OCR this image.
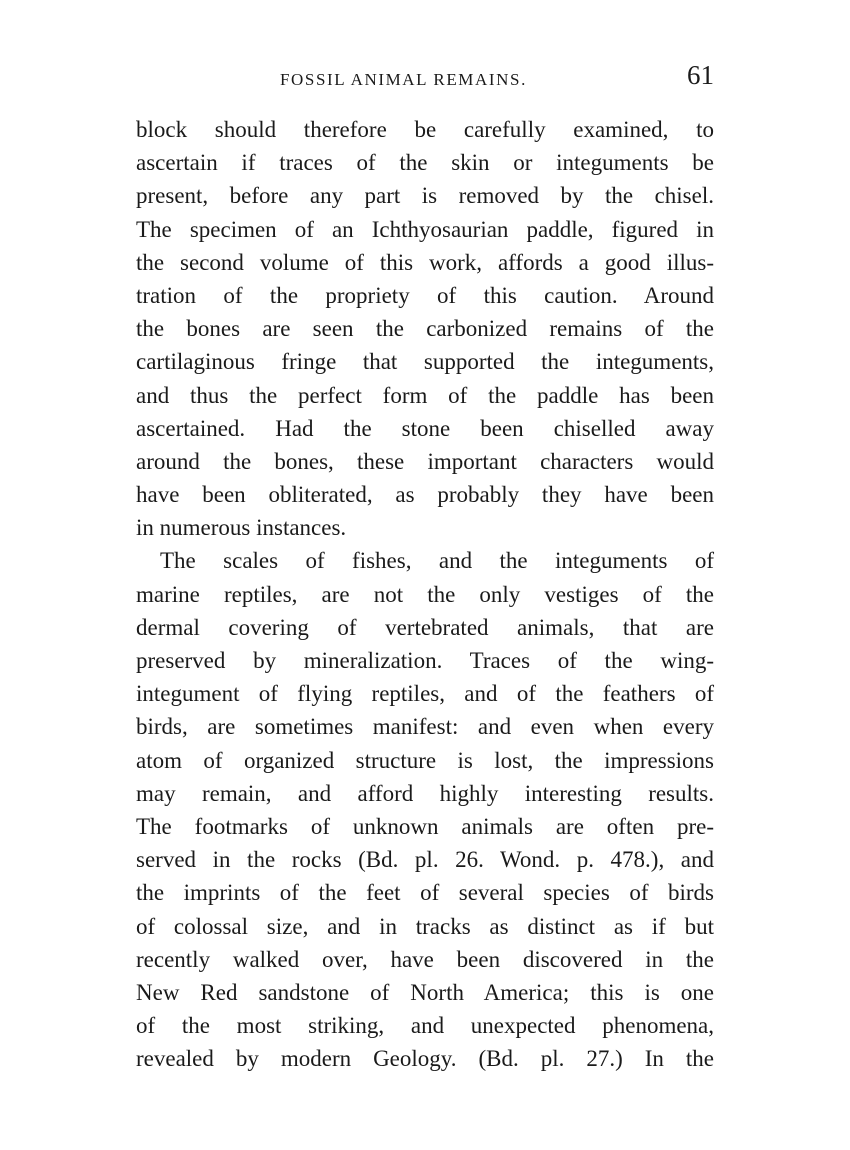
FOSSIL ANIMAL REMAINS.	61
block should therefore be carefully examined, to
ascertain if traces of the skin or integuments be
present, before any part is removed by the chisel.
The specimen of an Ichthyosaurian paddle, figured in
the second volume of this work, affords a good illus-
tration of the propriety of this caution. Around
the bones are seen the carbonized remains of the
cartilaginous fringe that supported the integuments,
and thus the perfect form of the paddle has been
ascertained. Had the stone been chiselled away
around the bones, these important characters would
have been obliterated, as probably they have been
in numerous instances.
The scales of fishes, and the integuments of
marine reptiles, are not the only vestiges of the
dermal covering of vertebrated animals, that are
preserved by mineralization. Traces of the wing-
integument of flying reptiles, and of the feathers of
birds, are sometimes manifest: and even when every
atom of organized structure is lost, the impressions
may remain, and afford highly interesting results.
The footmarks of unknown animals are often pre-
served in the rocks (Bd. pl. 26. Wond. p. 478.), and
the imprints of the feet of several species of birds
of colossal size, and in tracks as distinct as if but
recently walked over, have been discovered in the
New Red sandstone of North America; this is one
of the most striking, and unexpected phenomena,
revealed by modern Geology. (Bd. pl. 27.) In the
